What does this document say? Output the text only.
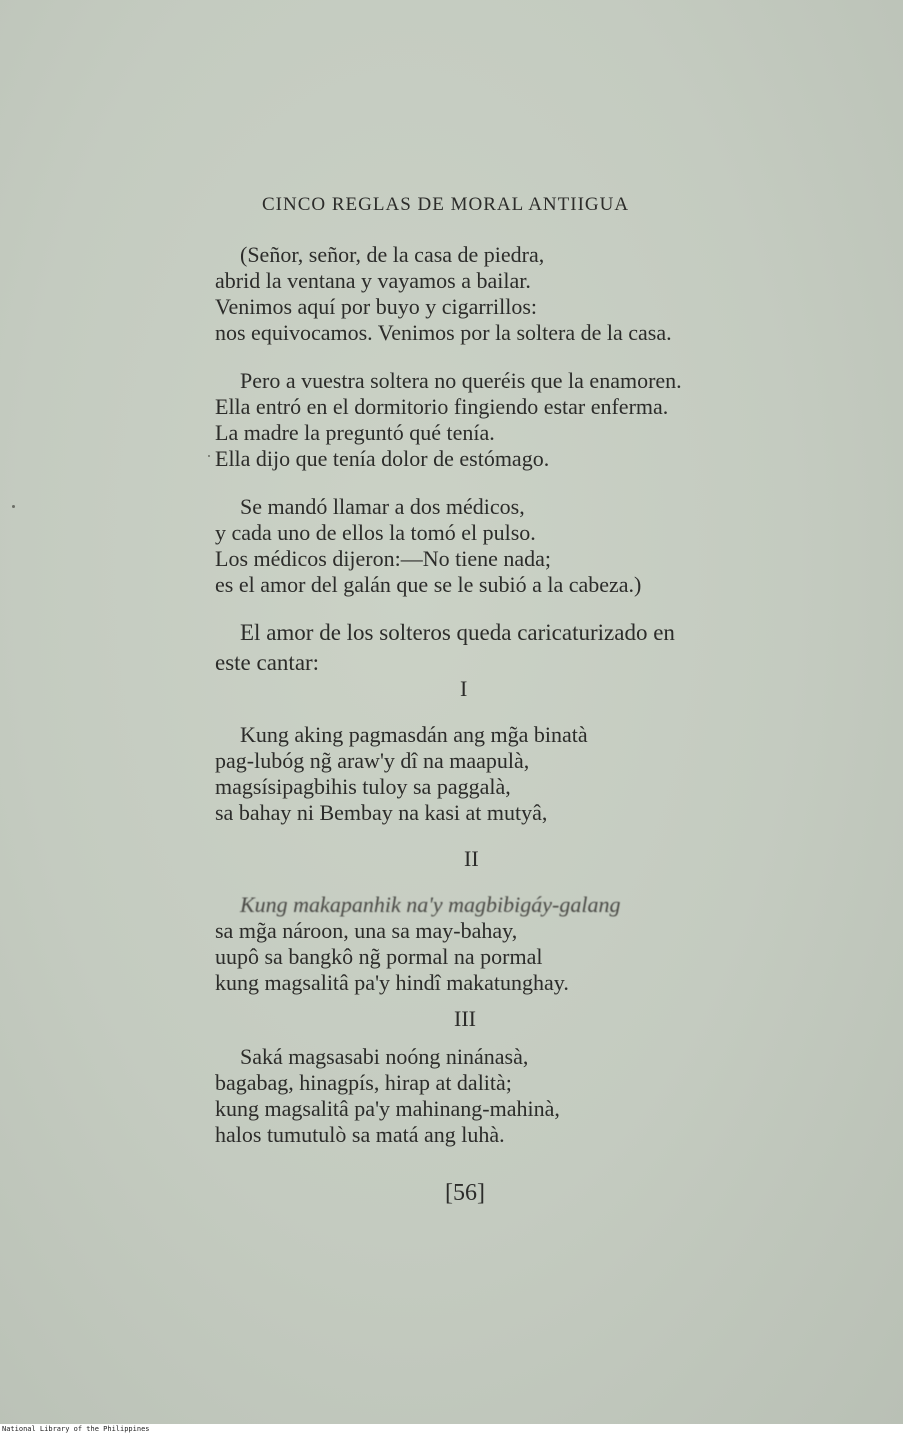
CINCO REGLAS DE MORAL ANTIIGUA
(Señor, señor, de la casa de piedra,
abrid la ventana y vayamos a bailar.
Venimos aquí por buyo y cigarrillos:
nos equivocamos. Venimos por la soltera de la casa.
Pero a vuestra soltera no queréis que la enamoren.
Ella entró en el dormitorio fingiendo estar enferma.
La madre la preguntó qué tenía.
Ella dijo que tenía dolor de estómago.
Se mandó llamar a dos médicos,
y cada uno de ellos la tomó el pulso.
Los médicos dijeron:—No tiene nada;
es el amor del galán que se le subió a la cabeza.)
El amor de los solteros queda caricaturizado en
este cantar:
I
Kung aking pagmasdán ang mg̃a binatà
pag-lubóg ng̃ araw'y dî na maapulà,
magsísipagbihis tuloy sa paggalà,
sa bahay ni Bembay na kasi at mutyâ,
II
Kung makapanhik na'y magbibigáy-galang
sa mg̃a nároon, una sa may-bahay,
uupô sa bangkô ng̃ pormal na pormal
kung magsalitâ pa'y hindî makatunghay.
III
Saká magsasabi noóng ninánasà,
bagabag, hinagpís, hirap at dalità;
kung magsalitâ pa'y mahinang-mahinà,
halos tumutulò sa matá ang luhà.
[56]
National Library of the Philippines
